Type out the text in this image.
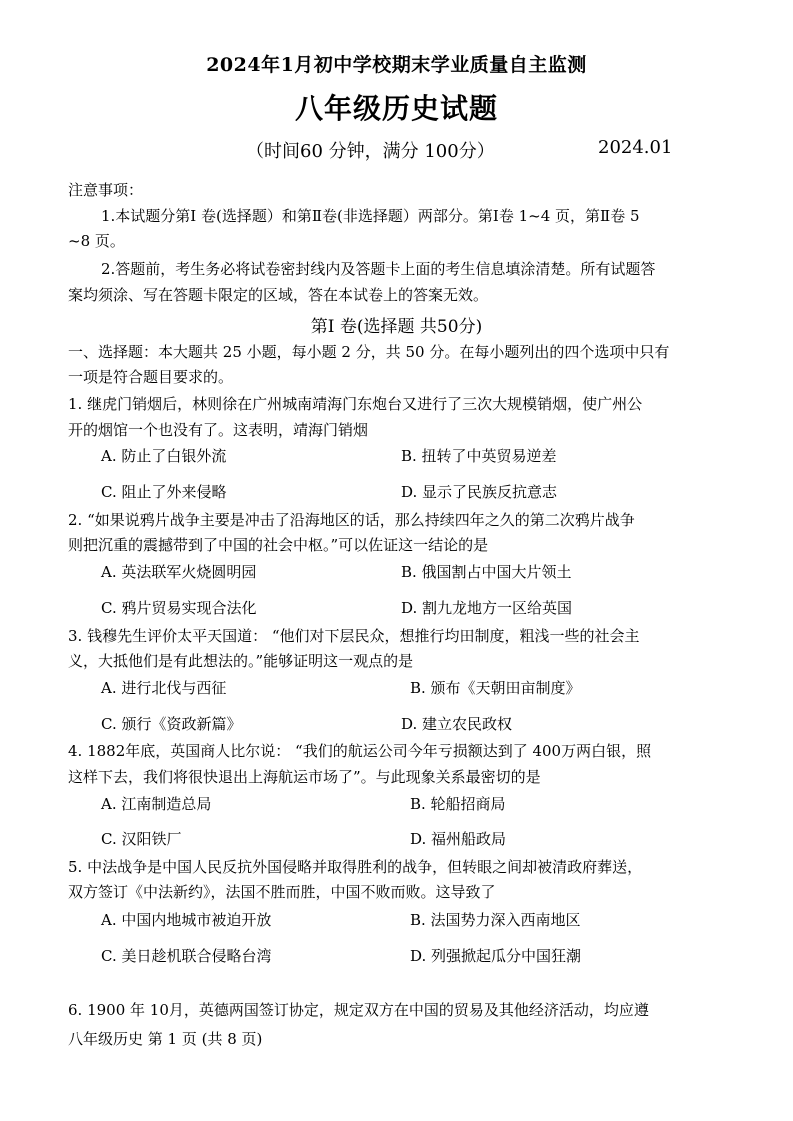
2024年1月初中学校期末学业质量自主监测
八年级历史试题
（时间60 分钟，满分 100分）	2024.01
注意事项：
1.本试题分第Ⅰ 卷(选择题）和第Ⅱ卷(非选择题）两部分。第Ⅰ卷 1~4 页，第Ⅱ卷 5
~8 页。
2.答题前，考生务必将试卷密封线内及答题卡上面的考生信息填涂清楚。所有试题答
案均须涂、写在答题卡限定的区域，答在本试卷上的答案无效。
第Ⅰ 卷(选择题 共50分)
一、选择题：本大题共 25 小题，每小题 2 分，共 50 分。在每小题列出的四个选项中只有
一项是符合题目要求的。
1. 继虎门销烟后，林则徐在广州城南靖海门东炮台又进行了三次大规模销烟，使广州公
开的烟馆一个也没有了。这表明，靖海门销烟
A. 防止了白银外流	B. 扭转了中英贸易逆差
C. 阻止了外来侵略	D. 显示了民族反抗意志
2. “如果说鸦片战争主要是冲击了沿海地区的话，那么持续四年之久的第二次鸦片战争
则把沉重的震撼带到了中国的社会中枢。”可以佐证这一结论的是
A. 英法联军火烧圆明园	B. 俄国割占中国大片领土
C. 鸦片贸易实现合法化	D. 割九龙地方一区给英国
3. 钱穆先生评价太平天国道： “他们对下层民众，想推行均田制度，粗浅一些的社会主
义，大抵他们是有此想法的。”能够证明这一观点的是
A. 进行北伐与西征	B. 颁布《天朝田亩制度》
C. 颁行《资政新篇》	D. 建立农民政权
4. 1882年底，英国商人比尔说： “我们的航运公司今年亏损额达到了 400万两白银，照
这样下去，我们将很快退出上海航运市场了”。与此现象关系最密切的是
A. 江南制造总局	B. 轮船招商局
C. 汉阳铁厂	D. 福州船政局
5. 中法战争是中国人民反抗外国侵略并取得胜利的战争，但转眼之间却被清政府葬送，
双方签订《中法新约》，法国不胜而胜，中国不败而败。这导致了
A. 中国内地城市被迫开放	B. 法国势力深入西南地区
C. 美日趁机联合侵略台湾	D. 列强掀起瓜分中国狂潮
6. 1900 年 10月，英德两国签订协定，规定双方在中国的贸易及其他经济活动，均应遵
八年级历史 第 1 页 (共 8 页)
